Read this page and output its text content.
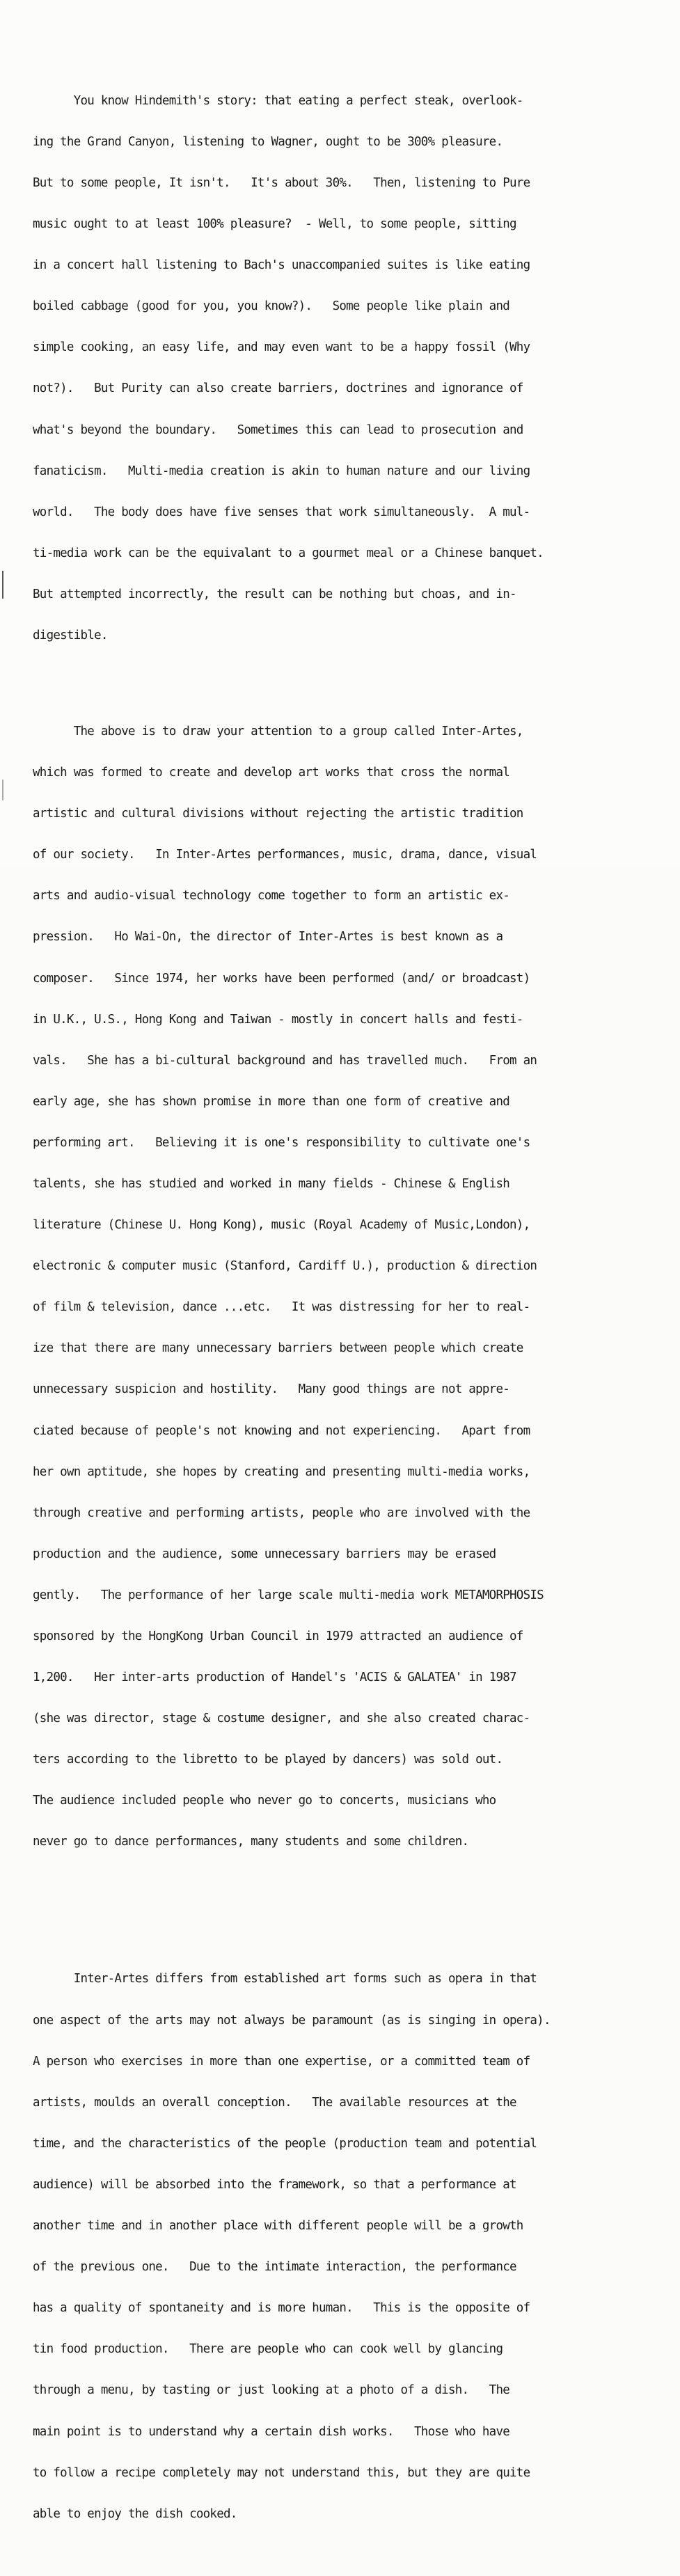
You know Hindemith's story: that eating a perfect steak, overlook-

ing the Grand Canyon, listening to Wagner, ought to be 300% pleasure.

But to some people, It isn't.   It's about 30%.   Then, listening to Pure

music ought to at least 100% pleasure?  - Well, to some people, sitting

in a concert hall listening to Bach's unaccompanied suites is like eating

boiled cabbage (good for you, you know?).   Some people like plain and

simple cooking, an easy life, and may even want to be a happy fossil (Why

not?).   But Purity can also create barriers, doctrines and ignorance of

what's beyond the boundary.   Sometimes this can lead to prosecution and

fanaticism.   Multi-media creation is akin to human nature and our living

world.   The body does have five senses that work simultaneously.  A mul-

ti-media work can be the equivalant to a gourmet meal or a Chinese banquet.

But attempted incorrectly, the result can be nothing but choas, and in-

digestible.

The above is to draw your attention to a group called Inter-Artes,

which was formed to create and develop art works that cross the normal

artistic and cultural divisions without rejecting the artistic tradition

of our society.   In Inter-Artes performances, music, drama, dance, visual

arts and audio-visual technology come together to form an artistic ex-

pression.   Ho Wai-On, the director of Inter-Artes is best known as a

composer.   Since 1974, her works have been performed (and/ or broadcast)

in U.K., U.S., Hong Kong and Taiwan - mostly in concert halls and festi-

vals.   She has a bi-cultural background and has travelled much.   From an

early age, she has shown promise in more than one form of creative and

performing art.   Believing it is one's responsibility to cultivate one's

talents, she has studied and worked in many fields - Chinese & English

literature (Chinese U. Hong Kong), music (Royal Academy of Music,London),

electronic & computer music (Stanford, Cardiff U.), production & direction

of film & television, dance ...etc.   It was distressing for her to real-

ize that there are many unnecessary barriers between people which create

unnecessary suspicion and hostility.   Many good things are not appre-

ciated because of people's not knowing and not experiencing.   Apart from

her own aptitude, she hopes by creating and presenting multi-media works,

through creative and performing artists, people who are involved with the

production and the audience, some unnecessary barriers may be erased

gently.   The performance of her large scale multi-media work METAMORPHOSIS

sponsored by the HongKong Urban Council in 1979 attracted an audience of

1,200.   Her inter-arts production of Handel's 'ACIS & GALATEA' in 1987

(she was director, stage & costume designer, and she also created charac-

ters according to the libretto to be played by dancers) was sold out.

The audience included people who never go to concerts, musicians who

never go to dance performances, many students and some children.

Inter-Artes differs from established art forms such as opera in that

one aspect of the arts may not always be paramount (as is singing in opera).

A person who exercises in more than one expertise, or a committed team of

artists, moulds an overall conception.   The available resources at the

time, and the characteristics of the people (production team and potential

audience) will be absorbed into the framework, so that a performance at

another time and in another place with different people will be a growth

of the previous one.   Due to the intimate interaction, the performance

has a quality of spontaneity and is more human.   This is the opposite of

tin food production.   There are people who can cook well by glancing

through a menu, by tasting or just looking at a photo of a dish.   The

main point is to understand why a certain dish works.   Those who have

to follow a recipe completely may not understand this, but they are quite

able to enjoy the dish cooked.
